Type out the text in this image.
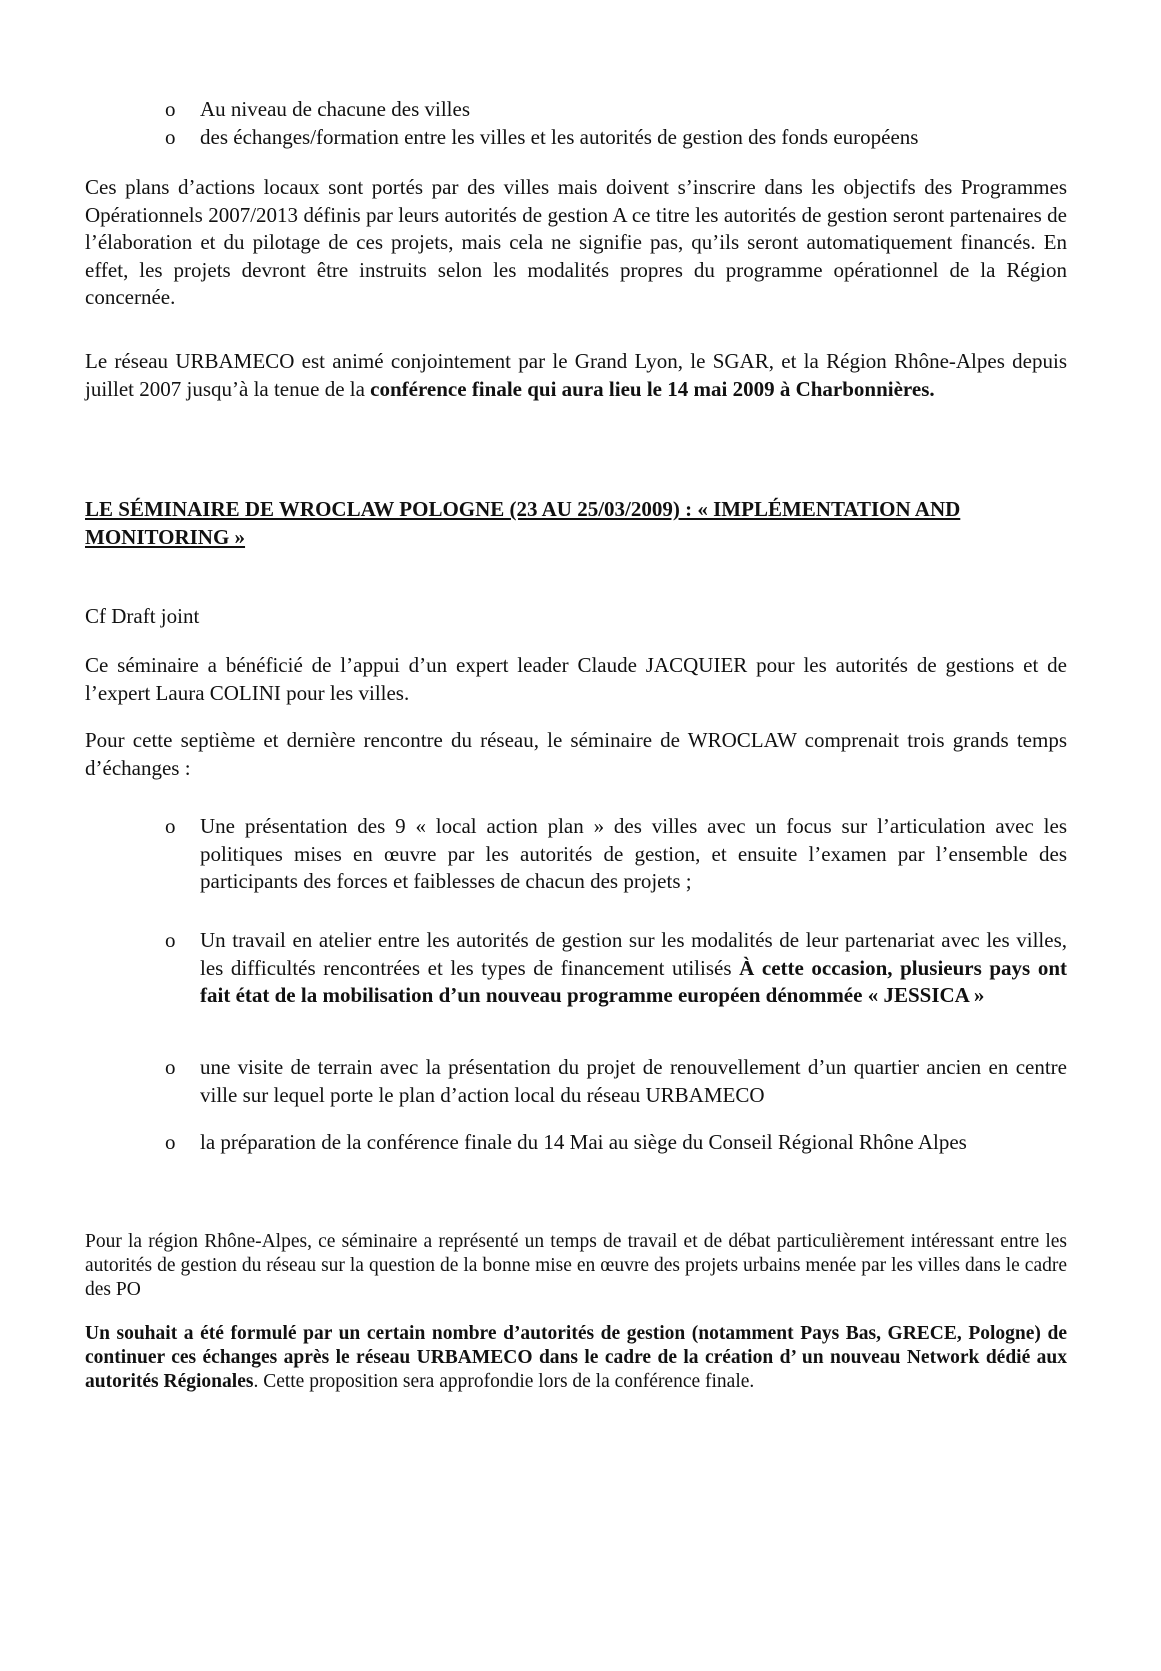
o Au niveau de chacune des villes
o des échanges/formation entre les villes et les autorités de gestion des fonds européens

Ces plans d’actions locaux sont portés par des villes mais doivent s’inscrire dans les objectifs des Programmes Opérationnels 2007/2013 définis par leurs autorités de gestion A ce titre les autorités de gestion seront partenaires de l’élaboration et du pilotage de ces projets, mais cela ne signifie pas, qu’ils seront automatiquement financés. En effet, les projets devront être instruits selon les modalités propres du programme opérationnel de la Région concernée.

Le réseau URBAMECO est animé conjointement par le Grand Lyon, le SGAR, et la Région Rhône-Alpes depuis juillet 2007 jusqu’à la tenue de la conférence finale qui aura lieu le 14 mai 2009 à Charbonnières.

LE SÉMINAIRE DE WROCLAW POLOGNE (23 AU 25/03/2009) : « IMPLÉMENTATION AND MONITORING »

Cf Draft joint

Ce séminaire a bénéficié de l’appui d’un expert leader Claude JACQUIER pour les autorités de gestions et de l’expert Laura COLINI pour les villes.

Pour cette septième et dernière rencontre du réseau, le séminaire de WROCLAW comprenait trois grands temps d’échanges :

o Une présentation des 9 « local action plan » des villes avec un focus sur l’articulation avec les politiques mises en œuvre par les autorités de gestion, et ensuite l’examen par l’ensemble des participants des forces et faiblesses de chacun des projets ;
o Un travail en atelier entre les autorités de gestion sur les modalités de leur partenariat avec les villes, les difficultés rencontrées et les types de financement utilisés À cette occasion, plusieurs pays ont fait état de la mobilisation d’un nouveau programme européen dénommée « JESSICA »
o une visite de terrain avec la présentation du projet de renouvellement d’un quartier ancien en centre ville sur lequel porte le plan d’action local du réseau URBAMECO
o la préparation de la conférence finale du 14 Mai au siège du Conseil Régional Rhône Alpes

Pour la région Rhône-Alpes, ce séminaire a représenté un temps de travail et de débat particulièrement intéressant entre les autorités de gestion du réseau sur la question de la bonne mise en œuvre des projets urbains menée par les villes dans le cadre des PO

Un souhait a été formulé par un certain nombre d’autorités de gestion (notamment Pays Bas, GRECE, Pologne) de continuer ces échanges après le réseau URBAMECO dans le cadre de la création d’ un nouveau Network dédié aux autorités Régionales. Cette proposition sera approfondie lors de la conférence finale.
